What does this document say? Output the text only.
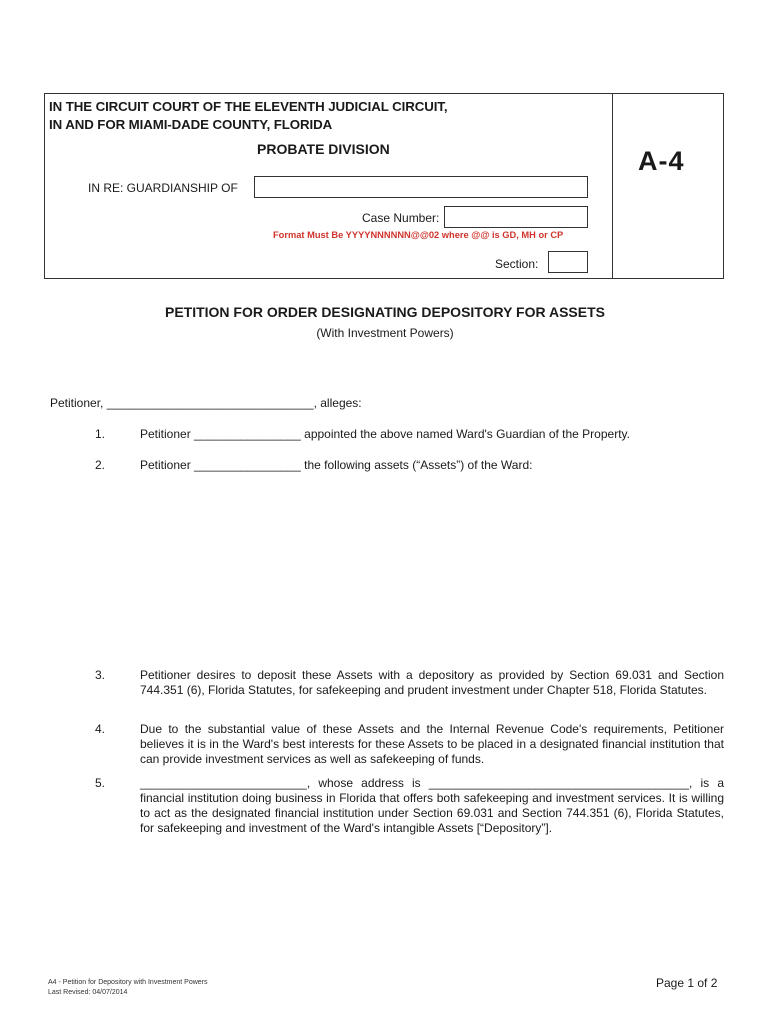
IN THE CIRCUIT COURT OF THE ELEVENTH JUDICIAL CIRCUIT,
IN AND FOR MIAMI-DADE COUNTY, FLORIDA
PROBATE DIVISION	A-4
IN RE: GUARDIANSHIP OF
Case Number:
Format Must Be YYYYNNNNNN@@02 where @@ is GD, MH or CP
Section:
PETITION FOR ORDER DESIGNATING DEPOSITORY FOR ASSETS
(With Investment Powers)
Petitioner, _______________________________, alleges:
1.	Petitioner ________________ appointed the above named Ward's Guardian of the Property.
2.	Petitioner ________________ the following assets (“Assets”) of the Ward:
3.	Petitioner desires to deposit these Assets with a depository as provided by Section 69.031 and Section 744.351 (6), Florida Statutes, for safekeeping and prudent investment under Chapter 518, Florida Statutes.
4.	Due to the substantial value of these Assets and the Internal Revenue Code's requirements, Petitioner believes it is in the Ward's best interests for these Assets to be placed in a designated financial institution that can provide investment services as well as safekeeping of funds.
5.	_________________________, whose address is _______________________________________, is a financial institution doing business in Florida that offers both safekeeping and investment services. It is willing to act as the designated financial institution under Section 69.031 and Section 744.351 (6), Florida Statutes, for safekeeping and investment of the Ward's intangible Assets [“Depository”].
A4 - Petition for Depository with Investment Powers
Last Revised: 04/07/2014
Page 1 of 2
